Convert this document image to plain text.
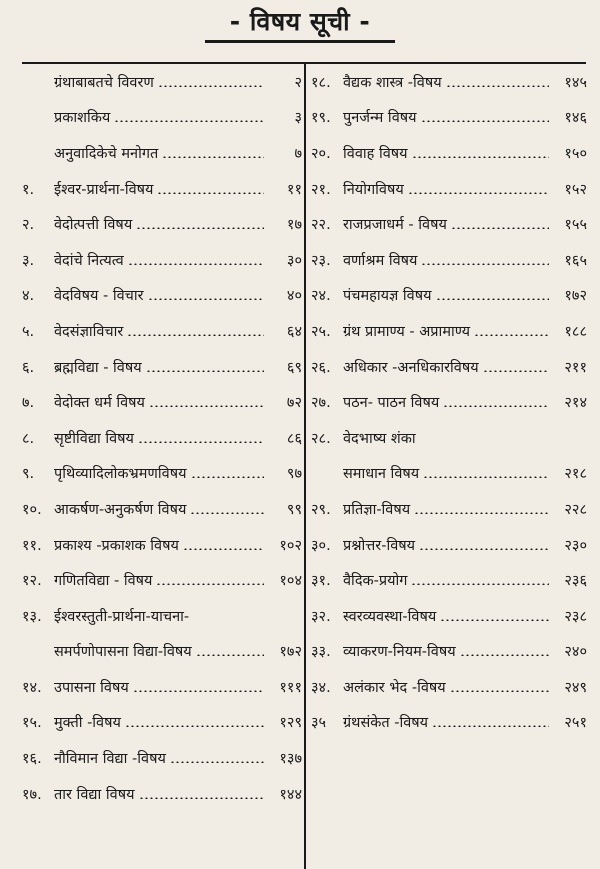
- विषय सूची -
ग्रंथाबाबतचे विवरण	२
प्रकाशकिय	३
अनुवादिकेचे मनोगत	७
१.	ईश्वर-प्रार्थना-विषय	११
२.	वेदोत्पत्ती विषय	१७
३.	वेदांचे नित्यत्व	३०
४.	वेदविषय - विचार	४०
५.	वेदसंज्ञाविचार	६४
६.	ब्रह्मविद्या - विषय	६९
७.	वेदोक्त धर्म विषय	७२
८.	सृष्टीविद्या विषय	८६
९.	पृथिव्यादिलोकभ्रमणविषय	९७
१०. आकर्षण-अनुकर्षण विषय	९९
११. प्रकाश्य -प्रकाशक विषय	१०२
१२. गणितविद्या - विषय	१०४
१३. ईश्वरस्तुती-प्रार्थना-याचना-
समर्पणोपासना विद्या-विषय	१७२
१४. उपासना विषय	१११
१५. मुक्ती -विषय	१२९
१६. नौविमान विद्या -विषय	१३७
१७. तार विद्या विषय	१४४
१८. वैद्यक शास्त्र -विषय	१४५
१९. पुनर्जन्म विषय	१४६
२०. विवाह विषय	१५०
२१. नियोगविषय	१५२
२२. राजप्रजाधर्म - विषय	१५५
२३. वर्णाश्रम विषय	१६५
२४. पंचमहायज्ञ विषय	१७२
२५. ग्रंथ प्रामाण्य - अप्रामाण्य	१८८
२६. अधिकार -अनधिकारविषय	२११
२७. पठन- पाठन विषय	२१४
२८. वेदभाष्य शंका
समाधान विषय	२१८
२९. प्रतिज्ञा-विषय	२२८
३०. प्रश्नोत्तर-विषय	२३०
३१. वैदिक-प्रयोग	२३६
३२. स्वरव्यवस्था-विषय	२३८
३३. व्याकरण-नियम-विषय	२४०
३४. अलंकार भेद -विषय	२४९
३५	ग्रंथसंकेत -विषय	२५१
